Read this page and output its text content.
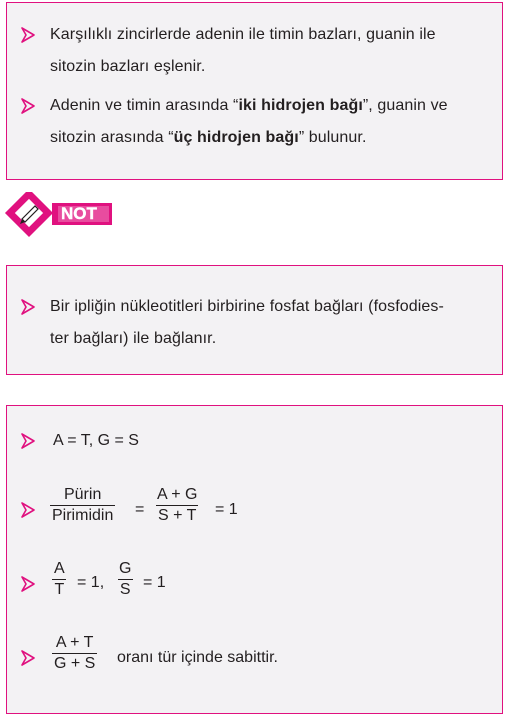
Karşılıklı zincirlerde adenin ile timin bazları, guanin ile
sitozin bazları eşlenir.
Adenin ve timin arasında “iki hidrojen bağı”, guanin ve
sitozin arasında “üç hidrojen bağı” bulunur.
NOT
Bir ipliğin nükleotitleri birbirine fosfat bağları (fosfodies-
ter bağları) ile bağlanır.
A = T, G = S
Pürin
Pirimidin = $\frac{A + G}{S + T} = 1$
$\frac{A}{T} = 1$, $\frac{G}{S} = 1$
$\frac{A + T}{G + S}$ oranı tür içinde sabittir.
